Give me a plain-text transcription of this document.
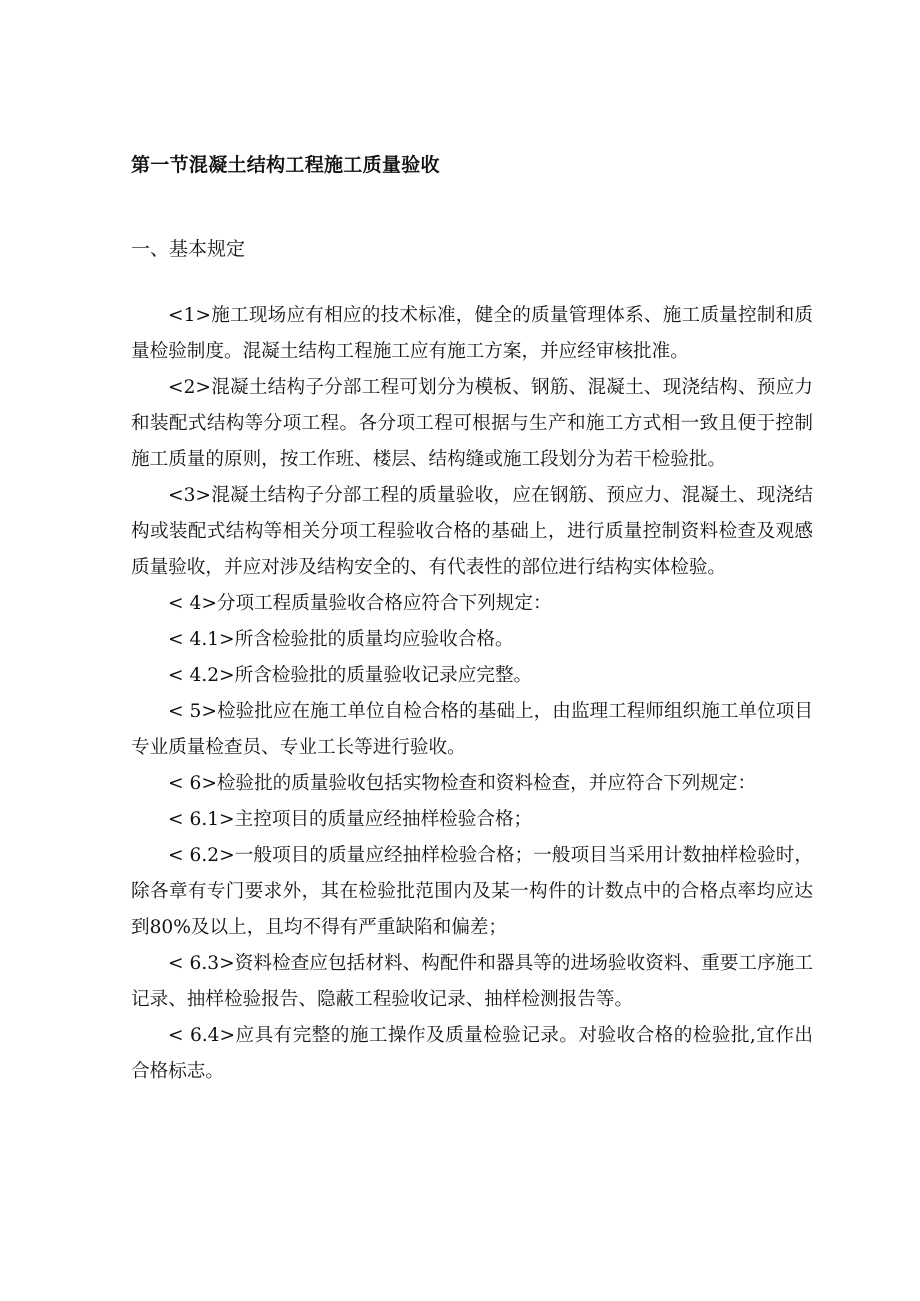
第一节混凝土结构工程施工质量验收
一、基本规定

<1>施工现场应有相应的技术标准，健全的质量管理体系、施工质量控制和质量检验制度。混凝土结构工程施工应有施工方案，并应经审核批准。

<2>混凝土结构子分部工程可划分为模板、钢筋、混凝土、现浇结构、预应力和装配式结构等分项工程。各分项工程可根据与生产和施工方式相一致且便于控制施工质量的原则，按工作班、楼层、结构缝或施工段划分为若干检验批。

<3>混凝土结构子分部工程的质量验收，应在钢筋、预应力、混凝土、现浇结构或装配式结构等相关分项工程验收合格的基础上，进行质量控制资料检查及观感质量验收，并应对涉及结构安全的、有代表性的部位进行结构实体检验。

< 4>分项工程质量验收合格应符合下列规定：

< 4.1>所含检验批的质量均应验收合格。

< 4.2>所含检验批的质量验收记录应完整。

< 5>检验批应在施工单位自检合格的基础上，由监理工程师组织施工单位项目专业质量检查员、专业工长等进行验收。

< 6>检验批的质量验收包括实物检查和资料检查，并应符合下列规定：

< 6.1>主控项目的质量应经抽样检验合格；

< 6.2>一般项目的质量应经抽样检验合格；一般项目当采用计数抽样检验时，除各章有专门要求外，其在检验批范围内及某一构件的计数点中的合格点率均应达到80%及以上，且均不得有严重缺陷和偏差；

< 6.3>资料检查应包括材料、构配件和器具等的进场验收资料、重要工序施工记录、抽样检验报告、隐蔽工程验收记录、抽样检测报告等。

< 6.4>应具有完整的施工操作及质量检验记录。对验收合格的检验批,宜作出合格标志。
